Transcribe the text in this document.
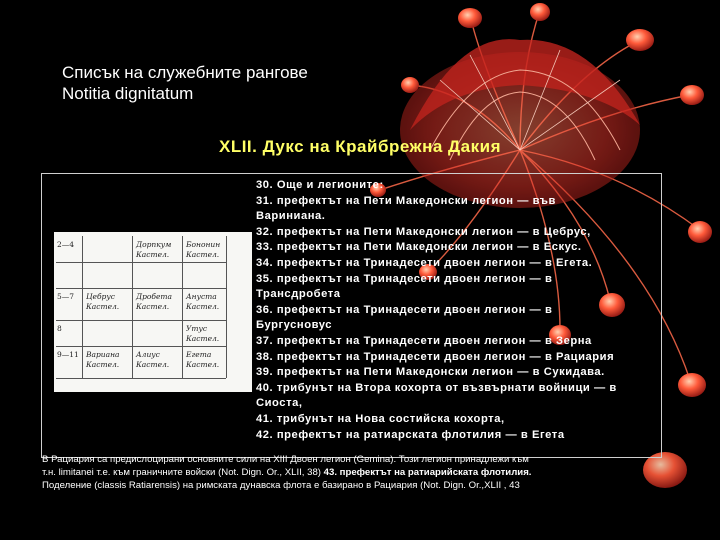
Списък на служебните рангове
Notitia dignitatum
XLII. Дукс на Крайбрежна Дакия
2—4	Дорпкум
Кастел.
Бононин
Кастел.
5—7 Цебрус
Кастел.
Дробета
Кастел.
Ануста
Кастел.
8	Утус
Кастел.
9—11 Вариана
Кастел.
Алиус
Кастел.
Егета
Кастел.
30. Още и легионите:
31. префектът на Пети Македонски легион — във
Вариниана.
32. префектът на Пети Македонски легион — в Цебрус,
33. префектът на Пети Македонски легион — в Ескус.
34. префектът на Тринадесети двоен легион — в Егета.
35. префектът на Тринадесети двоен легион — в
Трансдробета
36. префектът на Тринадесети двоен легион — в
Бургусновус
37. префектът на Тринадесети двоен легион — в Зерна
38. префектът на Тринадесети двоен легион — в Рациария
39. префектът на Пети Македонски легион — в Сукидава.
40. трибунът на Втора кохорта от възвърнати войници — в
Сиоста,
41. трибунът на Нова состийска кохорта,
42. префектът на ратиарската флотилия — в Егета
В Рациария са предислоцирани основните сили на XIII Двоен легион (Gemina). Този легион принадлежи към
т.н. limitanei т.е. към граничните войски (Not. Dign. Or., XLII, 38) 43. префектът на ратиарийската флотилия.
Поделение (classis Ratiarensis) на римската дунавска флота е базирано в Рациария (Not. Dign. Or.,XLII , 43
